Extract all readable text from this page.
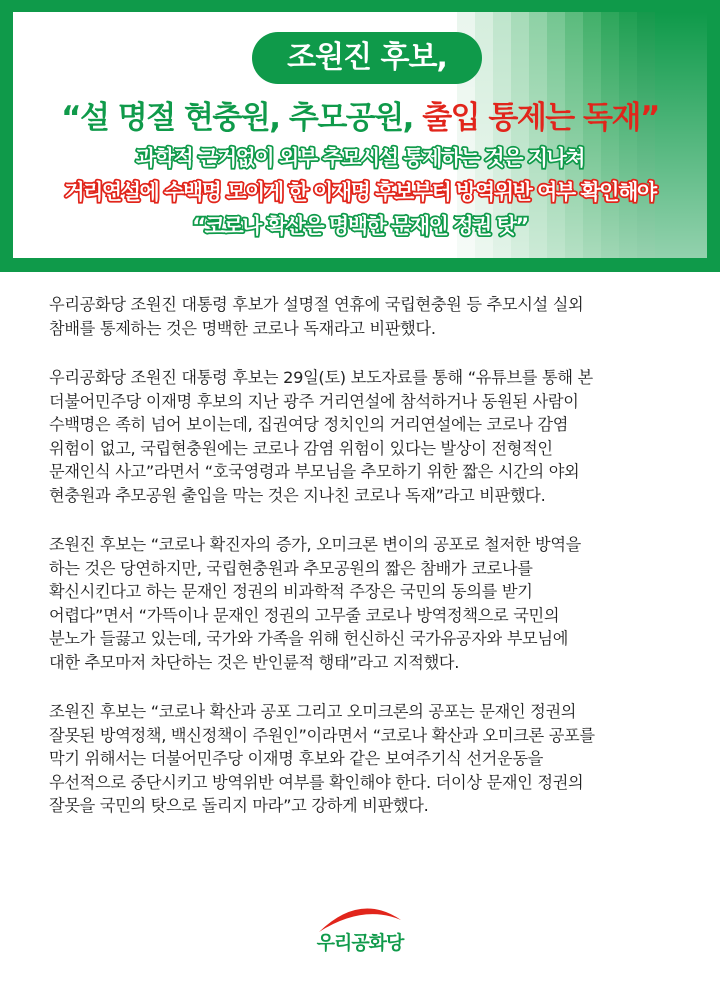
조원진 후보,
“설 명절 현충원, 추모공원, 출입 통제는 독재”
과학적 근거없이 외부 추모시설 통제하는 것은 지나쳐
거리연설에 수백명 모이게 한 이재명 후보부터 방역위반 여부 확인해야
“코로나 확산은 명백한 문재인 정권 탓”

우리공화당 조원진 대통령 후보가 설명절 연휴에 국립현충원 등 추모시설 실외
참배를 통제하는 것은 명백한 코로나 독재라고 비판했다.

우리공화당 조원진 대통령 후보는 29일(토) 보도자료를 통해 “유튜브를 통해 본
더불어민주당 이재명 후보의 지난 광주 거리연설에 참석하거나 동원된 사람이
수백명은 족히 넘어 보이는데, 집권여당 정치인의 거리연설에는 코로나 감염
위험이 없고, 국립현충원에는 코로나 감염 위험이 있다는 발상이 전형적인
문재인식 사고”라면서 “호국영령과 부모님을 추모하기 위한 짧은 시간의 야외
현충원과 추모공원 출입을 막는 것은 지나친 코로나 독재”라고 비판했다.

조원진 후보는 “코로나 확진자의 증가, 오미크론 변이의 공포로 철저한 방역을
하는 것은 당연하지만, 국립현충원과 추모공원의 짧은 참배가 코로나를
확신시킨다고 하는 문재인 정권의 비과학적 주장은 국민의 동의를 받기
어렵다”면서 “가뜩이나 문재인 정권의 고무줄 코로나 방역정책으로 국민의
분노가 들끓고 있는데, 국가와 가족을 위해 헌신하신 국가유공자와 부모님에
대한 추모마저 차단하는 것은 반인륜적 행태”라고 지적했다.

조원진 후보는 “코로나 확산과 공포 그리고 오미크론의 공포는 문재인 정권의
잘못된 방역정책, 백신정책이 주원인”이라면서 “코로나 확산과 오미크론 공포를
막기 위해서는 더불어민주당 이재명 후보와 같은 보여주기식 선거운동을
우선적으로 중단시키고 방역위반 여부를 확인해야 한다. 더이상 문재인 정권의
잘못을 국민의 탓으로 돌리지 마라”고 강하게 비판했다.

우리공화당
